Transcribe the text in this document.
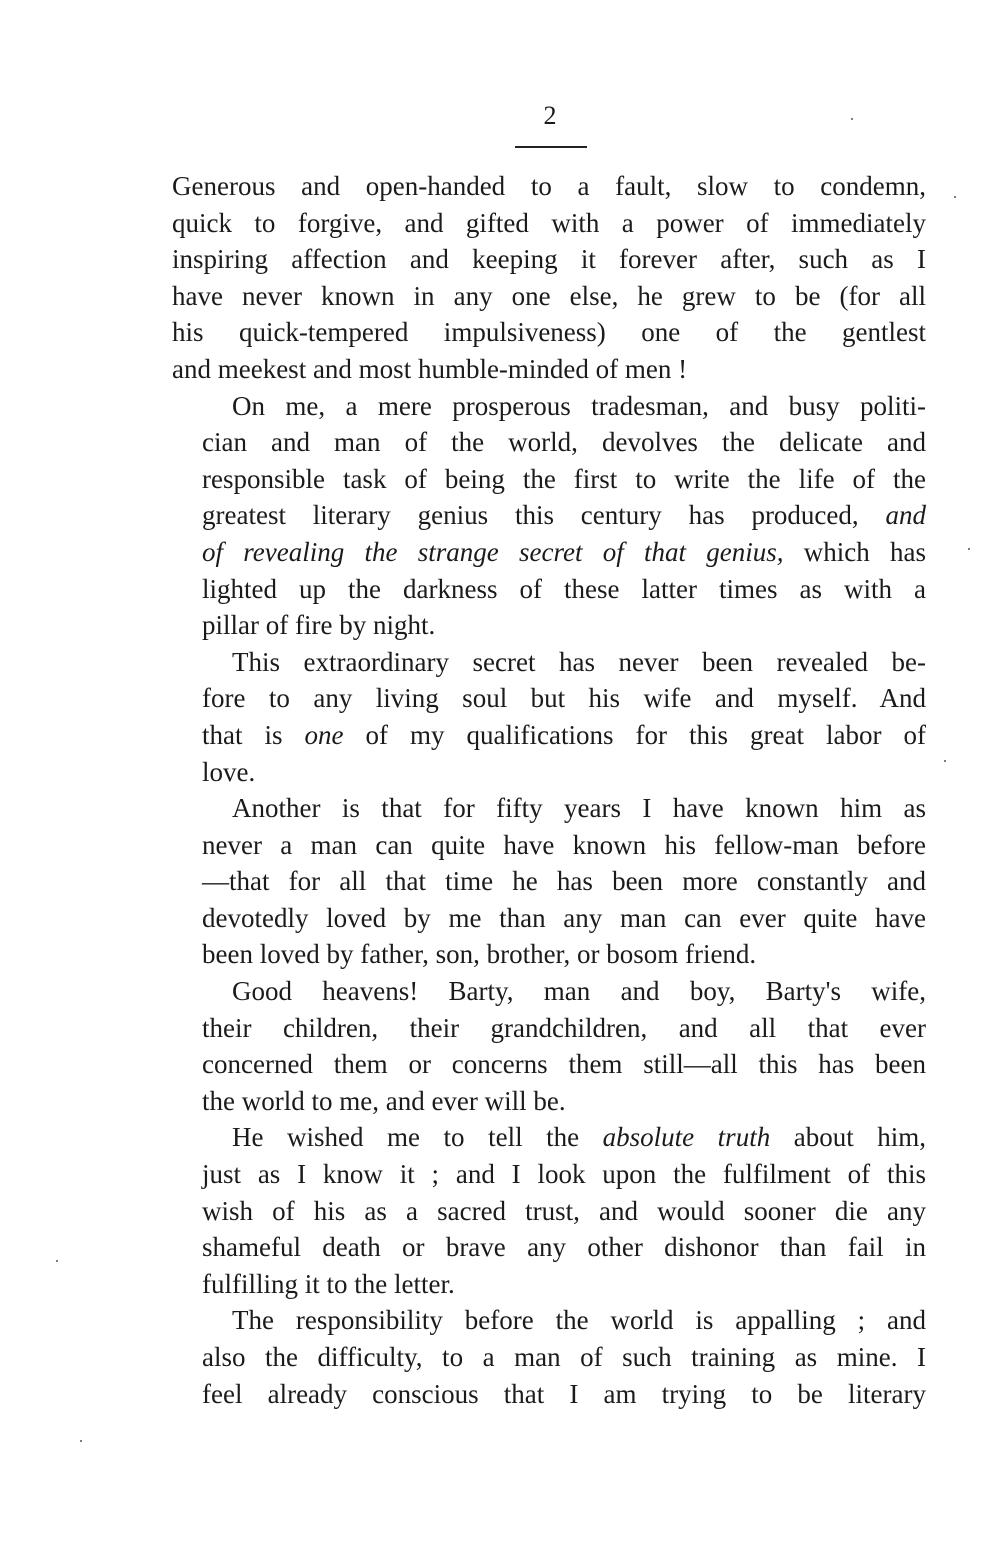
2

Generous and open-handed to a fault, slow to condemn,
quick to forgive, and gifted with a power of immediately
inspiring affection and keeping it forever after, such as I
have never known in any one else, he grew to be (for all
his quick-tempered impulsiveness) one of the gentlest
and meekest and most humble-minded of men !

On me, a mere prosperous tradesman, and busy politi-
cian and man of the world, devolves the delicate and
responsible task of being the first to write the life of the
greatest literary genius this century has produced, and
of revealing the strange secret of that genius, which has
lighted up the darkness of these latter times as with a
pillar of fire by night.

This extraordinary secret has never been revealed be-
fore to any living soul but his wife and myself. And
that is one of my qualifications for this great labor of
love.

Another is that for fifty years I have known him as
never a man can quite have known his fellow-man before
—that for all that time he has been more constantly and
devotedly loved by me than any man can ever quite have
been loved by father, son, brother, or bosom friend.

Good heavens! Barty, man and boy, Barty's wife,
their children, their grandchildren, and all that ever
concerned them or concerns them still—all this has been
the world to me, and ever will be.

He wished me to tell the absolute truth about him,
just as I know it ; and I look upon the fulfilment of this
wish of his as a sacred trust, and would sooner die any
shameful death or brave any other dishonor than fail in
fulfilling it to the letter.

The responsibility before the world is appalling ; and
also the difficulty, to a man of such training as mine. I
feel already conscious that I am trying to be literary
